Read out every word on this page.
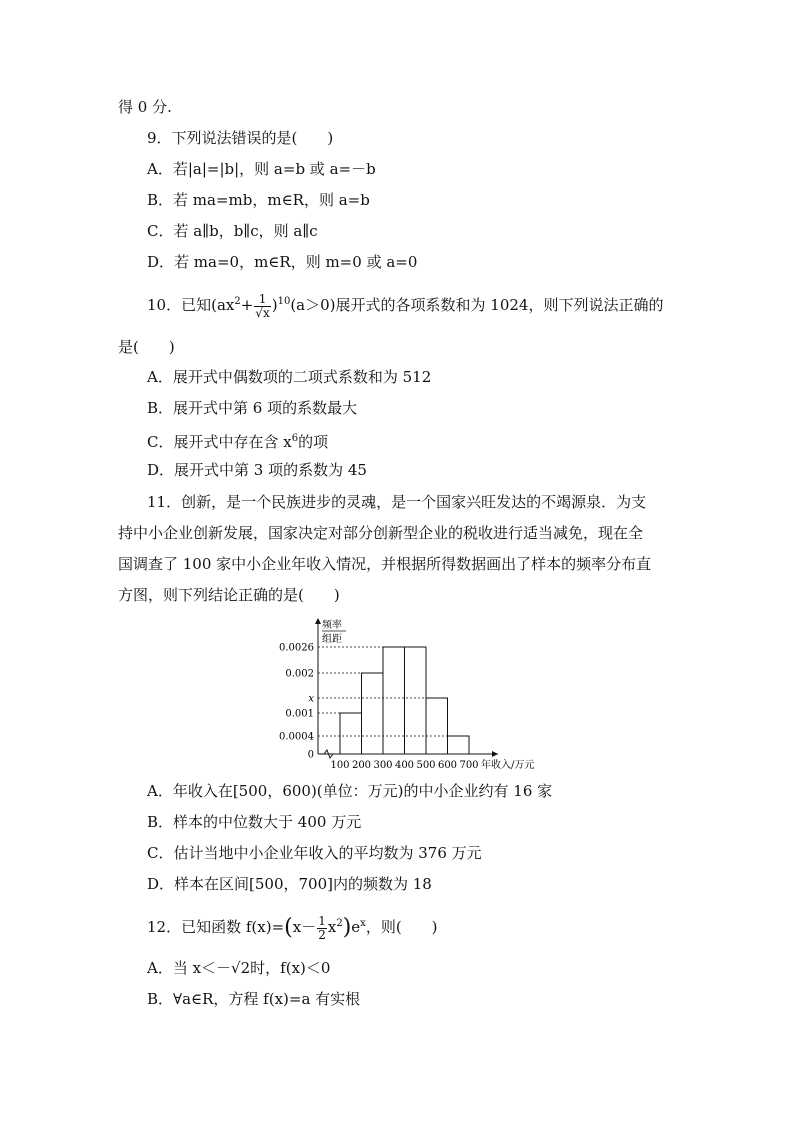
得 0 分.
9．下列说法错误的是(　　)
A．若|a|=|b|，则 a=b 或 a=－b
B．若 ma=mb，m∈R，则 a=b
C．若 a∥b，b∥c，则 a∥c
D．若 ma=0，m∈R，则 m=0 或 a=0
10．已知$(ax^2+ \frac{1}{√x} )^{10}(a>0)$展开式的各项系数和为 1024，则下列说法正确的
是(　　)
A．展开式中偶数项的二项式系数和为 512
B．展开式中第 6 项的系数最大
C．展开式中存在含 $x^6$的项
D．展开式中第 3 项的系数为 45
11．创新，是一个民族进步的灵魂，是一个国家兴旺发达的不竭源泉．为支
持中小企业创新发展，国家决定对部分创新型企业的税收进行适当减免，现在全
国调查了 100 家中小企业年收入情况，并根据所得数据画出了样本的频率分布直
方图，则下列结论正确的是(　　)
0
0.0004
0.001
x
0.002
0.0026
100 200 300 400 500 600 700 年收入/万元
频率
组距
A．年收入在[500，600)(单位：万元)的中小企业约有 16 家
B．样本的中位数大于 400 万元
C．估计当地中小企业年收入的平均数为 376 万元
D．样本在区间[500，700]内的频数为 18
12．已知函数 $f(x)=(x- \frac{1}{2} x^2)e^x$，则(　　)
A．当 x＜－√2时，f(x)＜0
B．∀a∈R，方程 f(x)=a 有实根
